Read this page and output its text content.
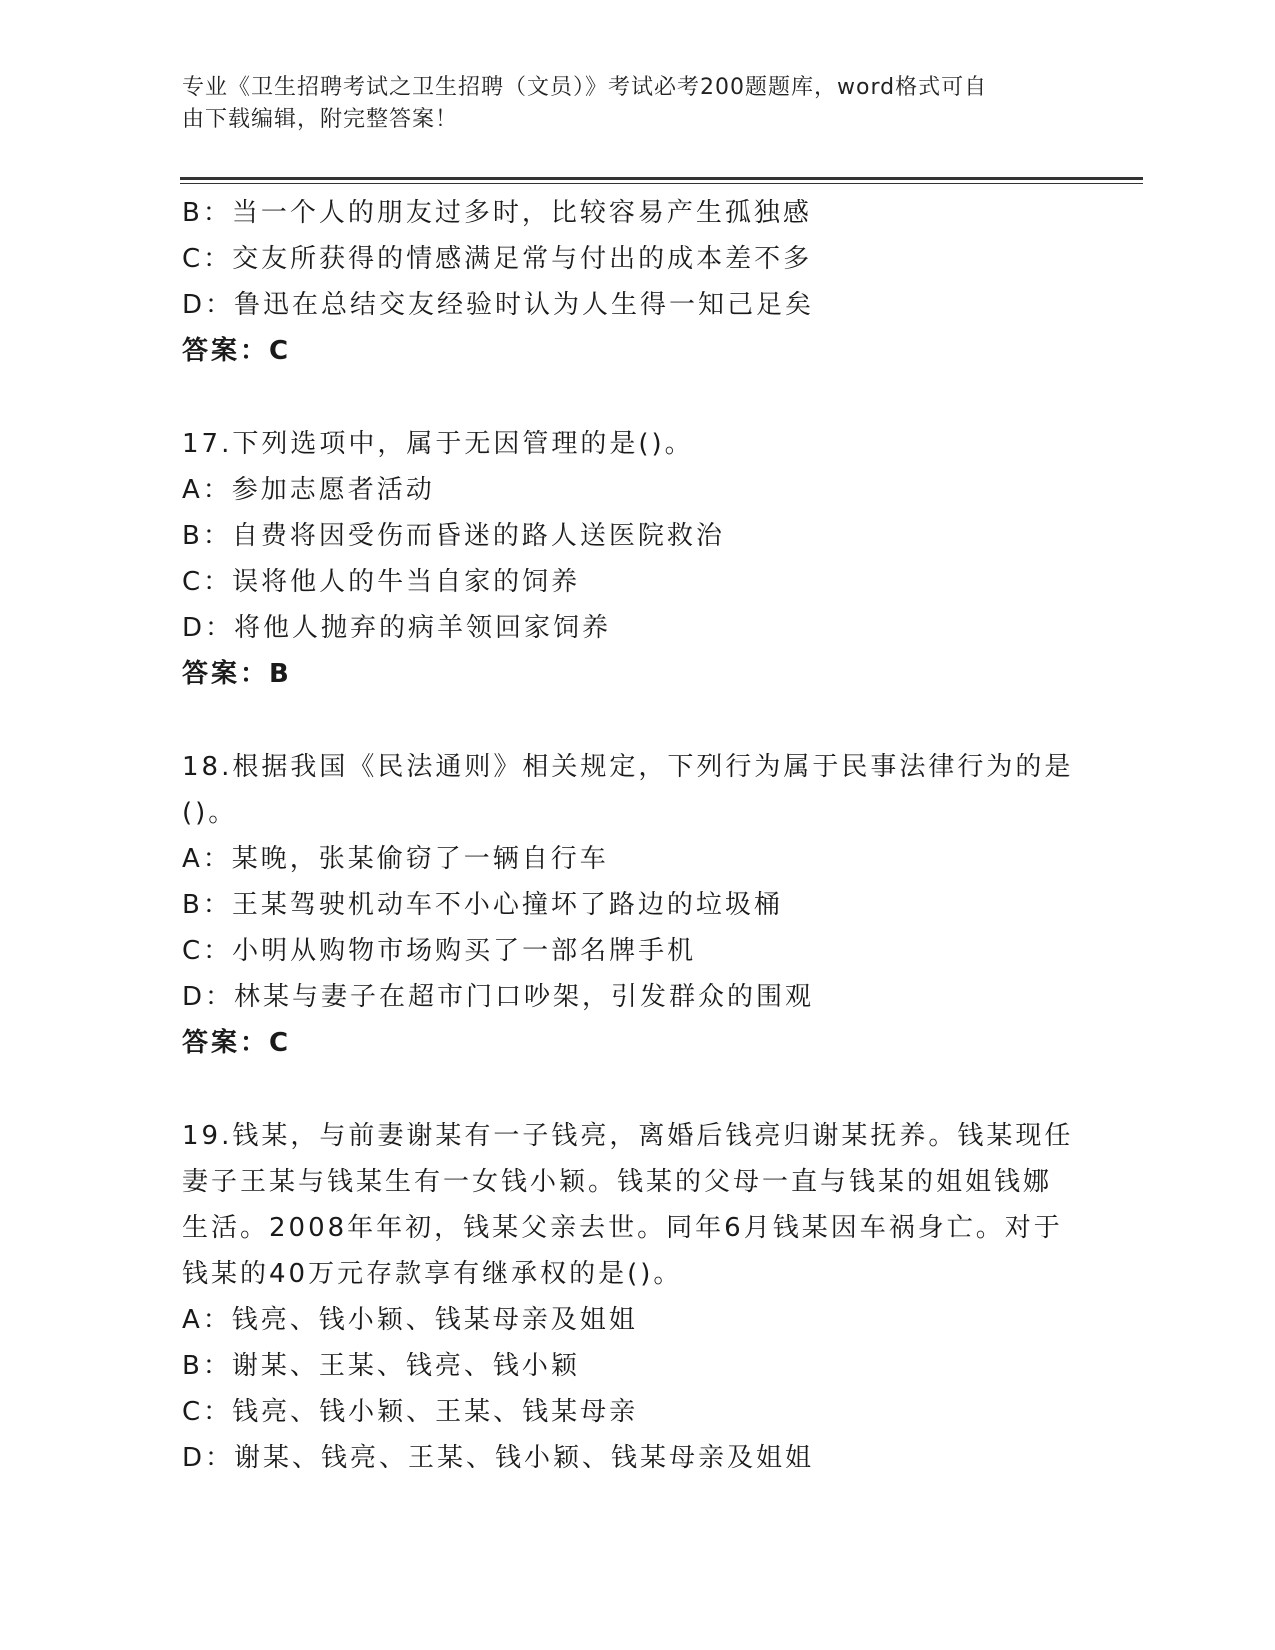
专业《卫生招聘考试之卫生招聘（文员）》考试必考200题题库，word格式可自
由下载编辑，附完整答案！
B：当一个人的朋友过多时，比较容易产生孤独感
C：交友所获得的情感满足常与付出的成本差不多
D：鲁迅在总结交友经验时认为人生得一知己足矣
答案：C
17.下列选项中，属于无因管理的是()。
A：参加志愿者活动
B：自费将因受伤而昏迷的路人送医院救治
C：误将他人的牛当自家的饲养
D：将他人抛弃的病羊领回家饲养
答案：B
18.根据我国《民法通则》相关规定，下列行为属于民事法律行为的是
()。
A：某晚，张某偷窃了一辆自行车
B：王某驾驶机动车不小心撞坏了路边的垃圾桶
C：小明从购物市场购买了一部名牌手机
D：林某与妻子在超市门口吵架，引发群众的围观
答案：C
19.钱某，与前妻谢某有一子钱亮，离婚后钱亮归谢某抚养。钱某现任
妻子王某与钱某生有一女钱小颖。钱某的父母一直与钱某的姐姐钱娜
生活。2008年年初，钱某父亲去世。同年6月钱某因车祸身亡。对于
钱某的40万元存款享有继承权的是()。
A：钱亮、钱小颖、钱某母亲及姐姐
B：谢某、王某、钱亮、钱小颖
C：钱亮、钱小颖、王某、钱某母亲
D：谢某、钱亮、王某、钱小颖、钱某母亲及姐姐
